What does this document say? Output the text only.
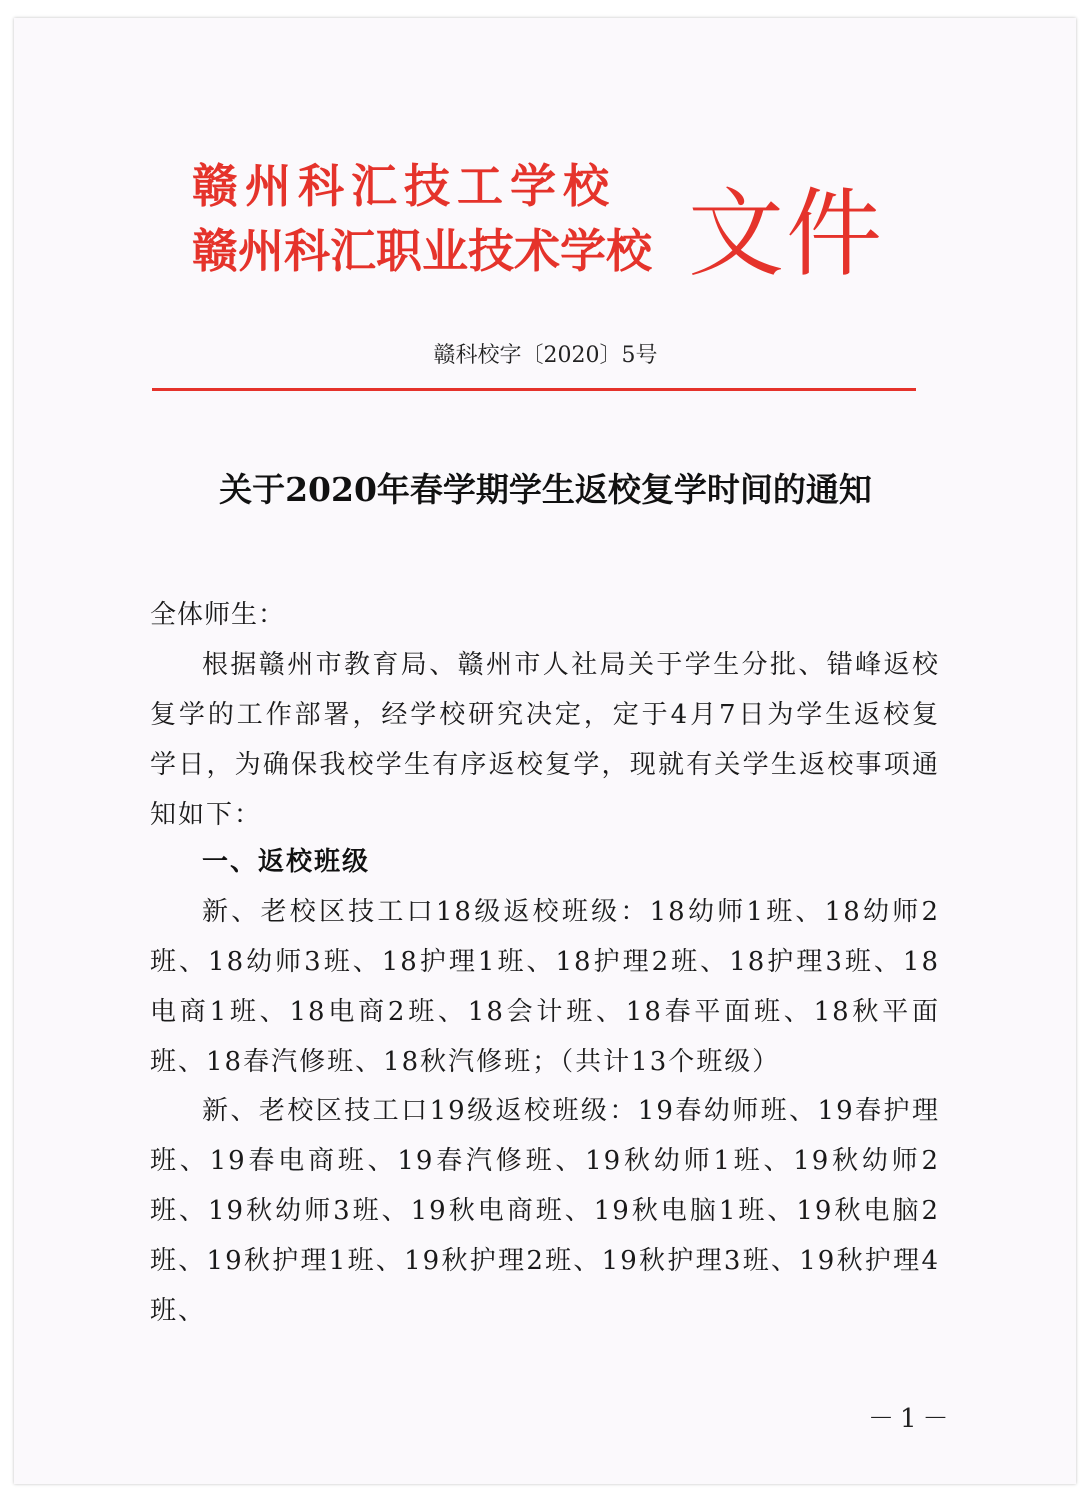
赣州科汇技工学校
赣州科汇职业技术学校 文件
赣科校字〔2020〕5号
关于2020年春学期学生返校复学时间的通知
全体师生：

根据赣州市教育局、赣州市人社局关于学生分批、错峰返校复学的工作部署，经学校研究决定，定于4月7日为学生返校复学日，为确保我校学生有序返校复学，现就有关学生返校事项通知如下：

一、返校班级

新、老校区技工口18级返校班级：18幼师1班、18幼师2班、18幼师3班、18护理1班、18护理2班、18护理3班、18电商1班、18电商2班、18会计班、18春平面班、18秋平面班、18春汽修班、18秋汽修班；（共计13个班级）

新、老校区技工口19级返校班级：19春幼师班、19春护理班、19春电商班、19春汽修班、19秋幼师1班、19秋幼师2班、19秋幼师3班、19秋电商班、19秋电脑1班、19秋电脑2班、19秋护理1班、19秋护理2班、19秋护理3班、19秋护理4班、

－1－
